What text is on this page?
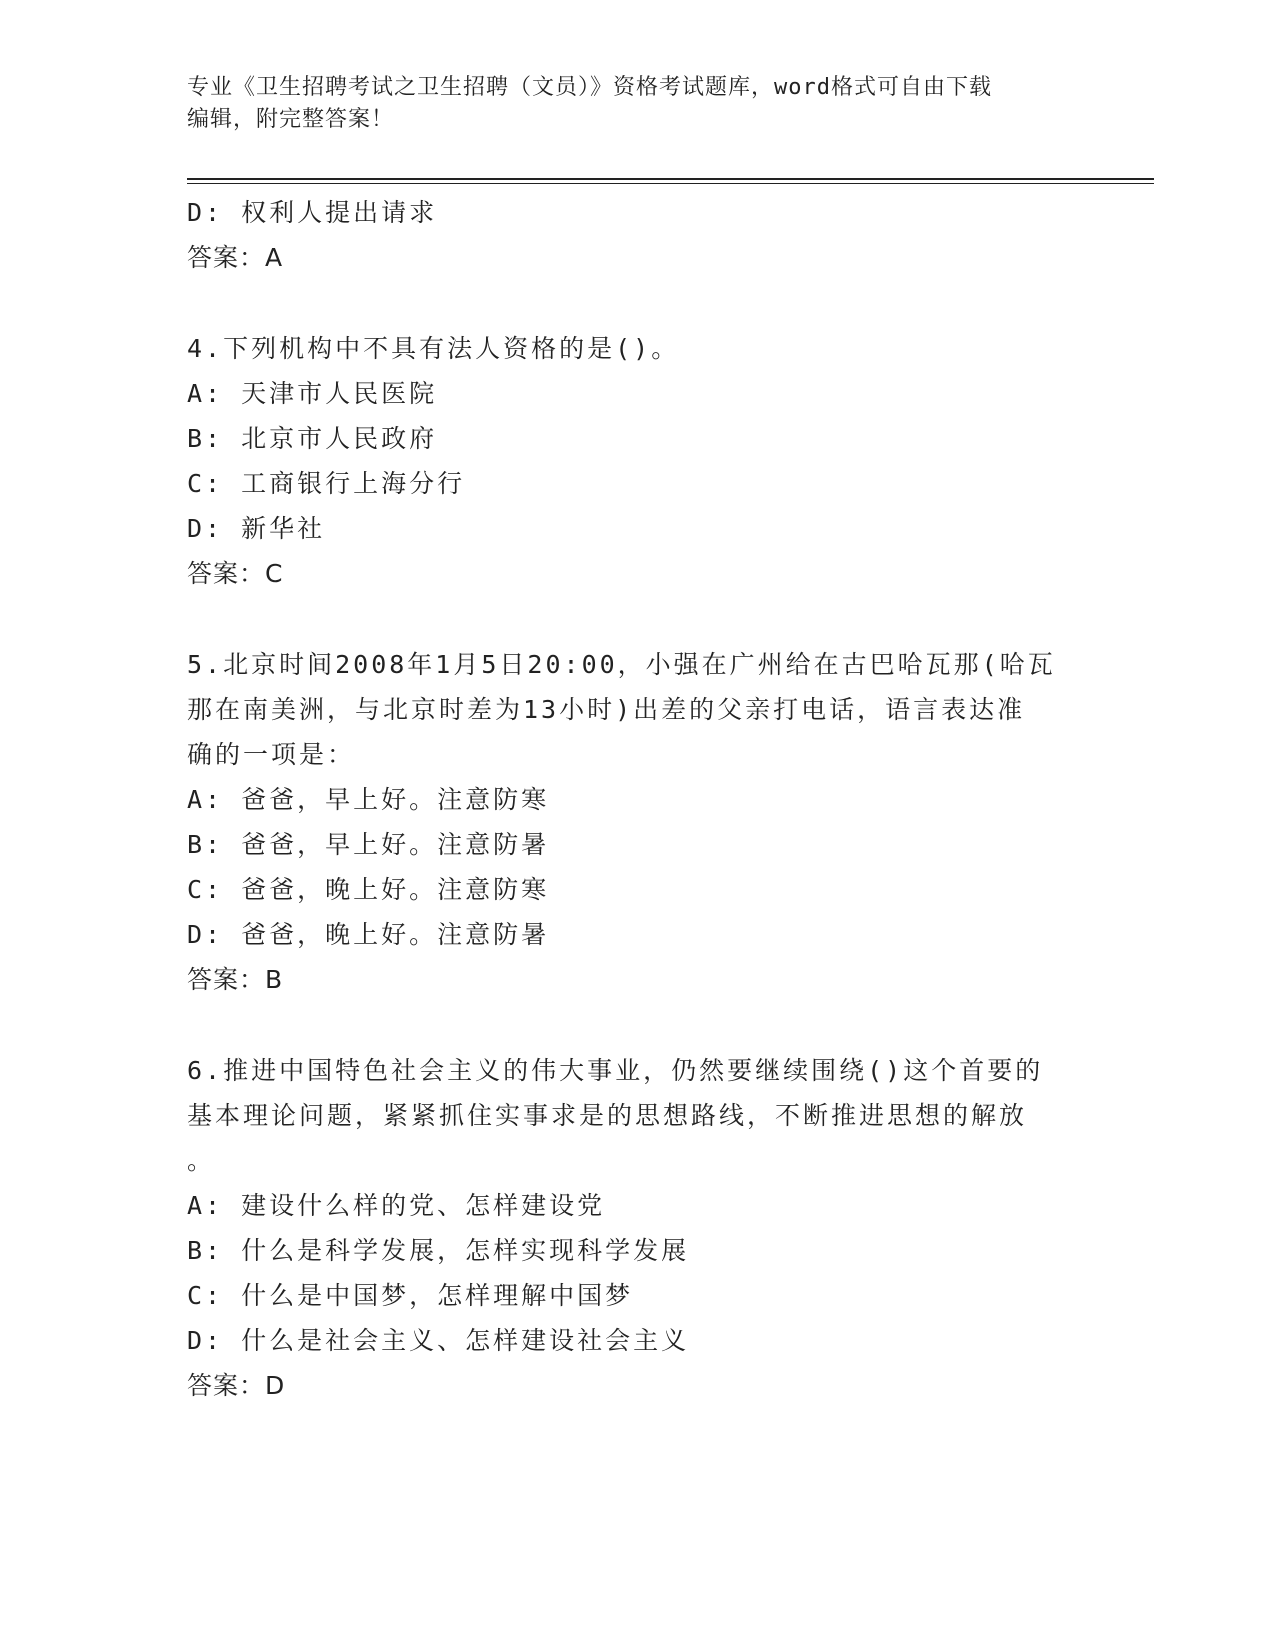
专业《卫生招聘考试之卫生招聘（文员）》资格考试题库，word格式可自由下载
编辑，附完整答案！
D: 权利人提出请求
答案：A
4.下列机构中不具有法人资格的是()。
A: 天津市人民医院
B: 北京市人民政府
C: 工商银行上海分行
D: 新华社
答案：C
5.北京时间2008年1月5日20:00，小强在广州给在古巴哈瓦那(哈瓦
那在南美洲，与北京时差为13小时)出差的父亲打电话，语言表达准
确的一项是：
A: 爸爸，早上好。注意防寒
B: 爸爸，早上好。注意防暑
C: 爸爸，晚上好。注意防寒
D: 爸爸，晚上好。注意防暑
答案：B
6.推进中国特色社会主义的伟大事业，仍然要继续围绕()这个首要的
基本理论问题，紧紧抓住实事求是的思想路线，不断推进思想的解放
。
A: 建设什么样的党、怎样建设党
B: 什么是科学发展，怎样实现科学发展
C: 什么是中国梦，怎样理解中国梦
D: 什么是社会主义、怎样建设社会主义
答案：D
